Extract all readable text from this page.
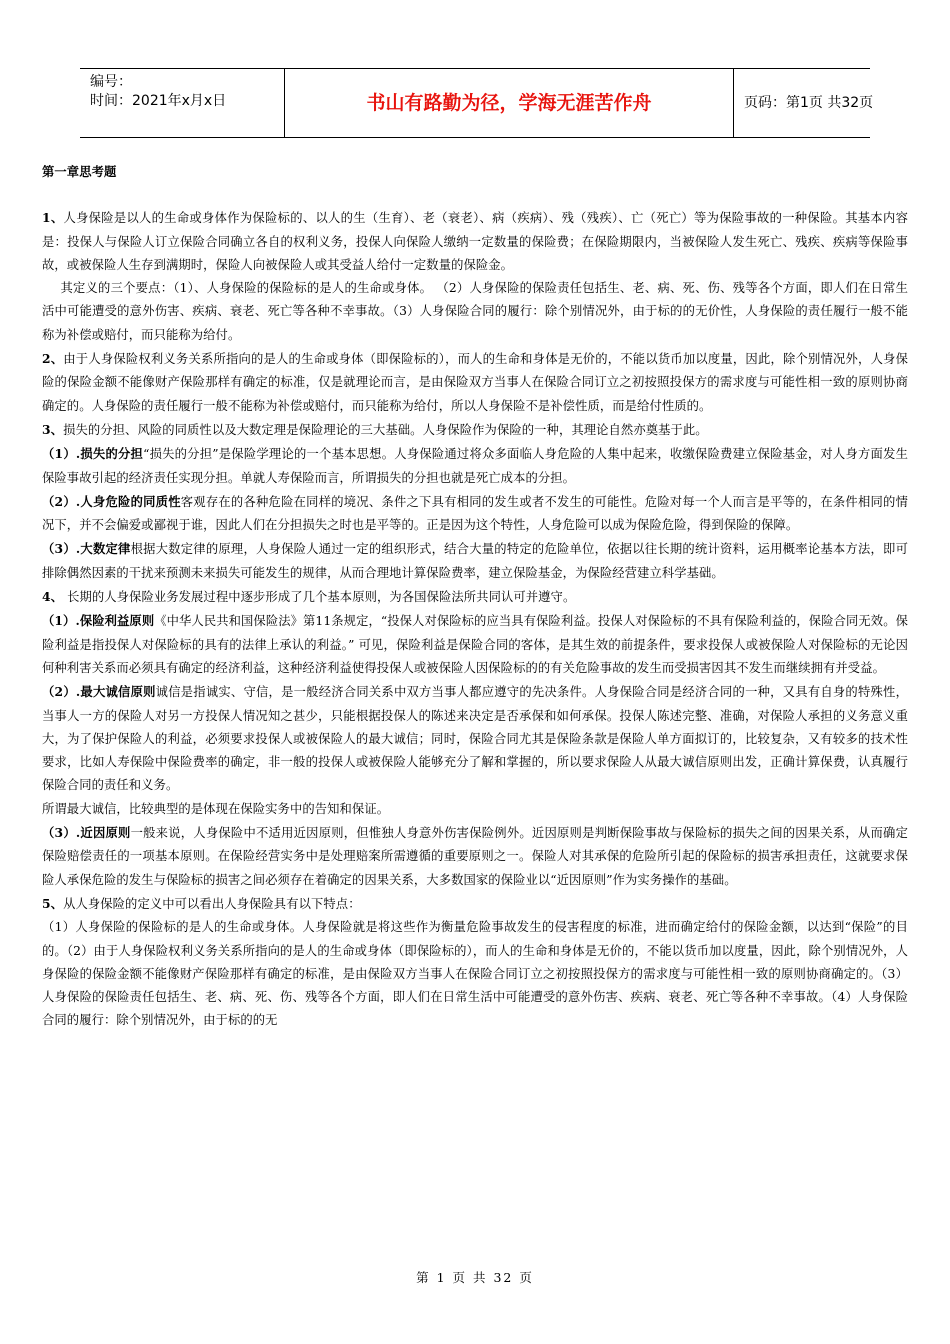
编号：
时间：2021年x月x日	书山有路勤为径，学海无涯苦作舟	页码：第1页 共32页

第一章思考题

1、人身保险是以人的生命或身体作为保险标的、以人的生（生育）、老（衰老）、病（疾病）、残（残疾）、亡（死亡）等为保险事故的一种保险。其基本内容是：投保人与保险人订立保险合同确立各自的权利义务，投保人向保险人缴纳一定数量的保险费；在保险期限内，当被保险人发生死亡、残疾、疾病等保险事故，或被保险人生存到满期时，保险人向被保险人或其受益人给付一定数量的保险金。

其定义的三个要点：（1）、人身保险的保险标的是人的生命或身体。 （2）人身保险的保险责任包括生、老、病、死、伤、残等各个方面，即人们在日常生活中可能遭受的意外伤害、疾病、衰老、死亡等各种不幸事故。（3）人身保险合同的履行：除个别情况外，由于标的的无价性，人身保险的责任履行一般不能称为补偿或赔付，而只能称为给付。

2、由于人身保险权利义务关系所指向的是人的生命或身体（即保险标的），而人的生命和身体是无价的，不能以货币加以度量，因此，除个别情况外，人身保险的保险金额不能像财产保险那样有确定的标准，仅是就理论而言，是由保险双方当事人在保险合同订立之初按照投保方的需求度与可能性相一致的原则协商确定的。人身保险的责任履行一般不能称为补偿或赔付，而只能称为给付，所以人身保险不是补偿性质，而是给付性质的。

3、损失的分担、风险的同质性以及大数定理是保险理论的三大基础。人身保险作为保险的一种，其理论自然亦奠基于此。

（1）.损失的分担“损失的分担”是保险学理论的一个基本思想。人身保险通过将众多面临人身危险的人集中起来，收缴保险费建立保险基金，对人身方面发生保险事故引起的经济责任实现分担。单就人寿保险而言，所谓损失的分担也就是死亡成本的分担。

（2）.人身危险的同质性客观存在的各种危险在同样的境况、条件之下具有相同的发生或者不发生的可能性。危险对每一个人而言是平等的，在条件相同的情况下，并不会偏爱或鄙视于谁，因此人们在分担损失之时也是平等的。正是因为这个特性，人身危险可以成为保险危险，得到保险的保障。

（3）.大数定律根据大数定律的原理，人身保险人通过一定的组织形式，结合大量的特定的危险单位，依据以往长期的统计资料，运用概率论基本方法，即可排除偶然因素的干扰来预测未来损失可能发生的规律，从而合理地计算保险费率，建立保险基金，为保险经营建立科学基础。

4、 长期的人身保险业务发展过程中逐步形成了几个基本原则，为各国保险法所共同认可并遵守。

（1）.保险利益原则《中华人民共和国保险法》第11条规定，“投保人对保险标的应当具有保险利益。投保人对保险标的不具有保险利益的，保险合同无效。保险利益是指投保人对保险标的具有的法律上承认的利益。” 可见，保险利益是保险合同的客体，是其生效的前提条件，要求投保人或被保险人对保险标的无论因何种利害关系而必须具有确定的经济利益，这种经济利益使得投保人或被保险人因保险标的的有关危险事故的发生而受损害因其不发生而继续拥有并受益。

（2）.最大诚信原则诚信是指诚实、守信，是一般经济合同关系中双方当事人都应遵守的先决条件。人身保险合同是经济合同的一种，又具有自身的特殊性，当事人一方的保险人对另一方投保人情况知之甚少，只能根据投保人的陈述来决定是否承保和如何承保。投保人陈述完整、准确，对保险人承担的义务意义重大，为了保护保险人的利益，必须要求投保人或被保险人的最大诚信；同时，保险合同尤其是保险条款是保险人单方面拟订的，比较复杂，又有较多的技术性要求，比如人寿保险中保险费率的确定，非一般的投保人或被保险人能够充分了解和掌握的，所以要求保险人从最大诚信原则出发，正确计算保费，认真履行保险合同的责任和义务。

所谓最大诚信，比较典型的是体现在保险实务中的告知和保证。

（3）.近因原则一般来说，人身保险中不适用近因原则，但惟独人身意外伤害保险例外。近因原则是判断保险事故与保险标的损失之间的因果关系，从而确定保险赔偿责任的一项基本原则。在保险经营实务中是处理赔案所需遵循的重要原则之一。保险人对其承保的危险所引起的保险标的损害承担责任，这就要求保险人承保危险的发生与保险标的损害之间必须存在着确定的因果关系，大多数国家的保险业以“近因原则”作为实务操作的基础。

5、从人身保险的定义中可以看出人身保险具有以下特点：

（1）人身保险的保险标的是人的生命或身体。人身保险就是将这些作为衡量危险事故发生的侵害程度的标准，进而确定给付的保险金额，以达到“保险”的目的。（2）由于人身保险权利义务关系所指向的是人的生命或身体（即保险标的），而人的生命和身体是无价的，不能以货币加以度量，因此，除个别情况外，人身保险的保险金额不能像财产保险那样有确定的标准，是由保险双方当事人在保险合同订立之初按照投保方的需求度与可能性相一致的原则协商确定的。（3）人身保险的保险责任包括生、老、病、死、伤、残等各个方面，即人们在日常生活中可能遭受的意外伤害、疾病、衰老、死亡等各种不幸事故。（4）人身保险合同的履行：除个别情况外，由于标的的无

第 1 页 共 32 页
